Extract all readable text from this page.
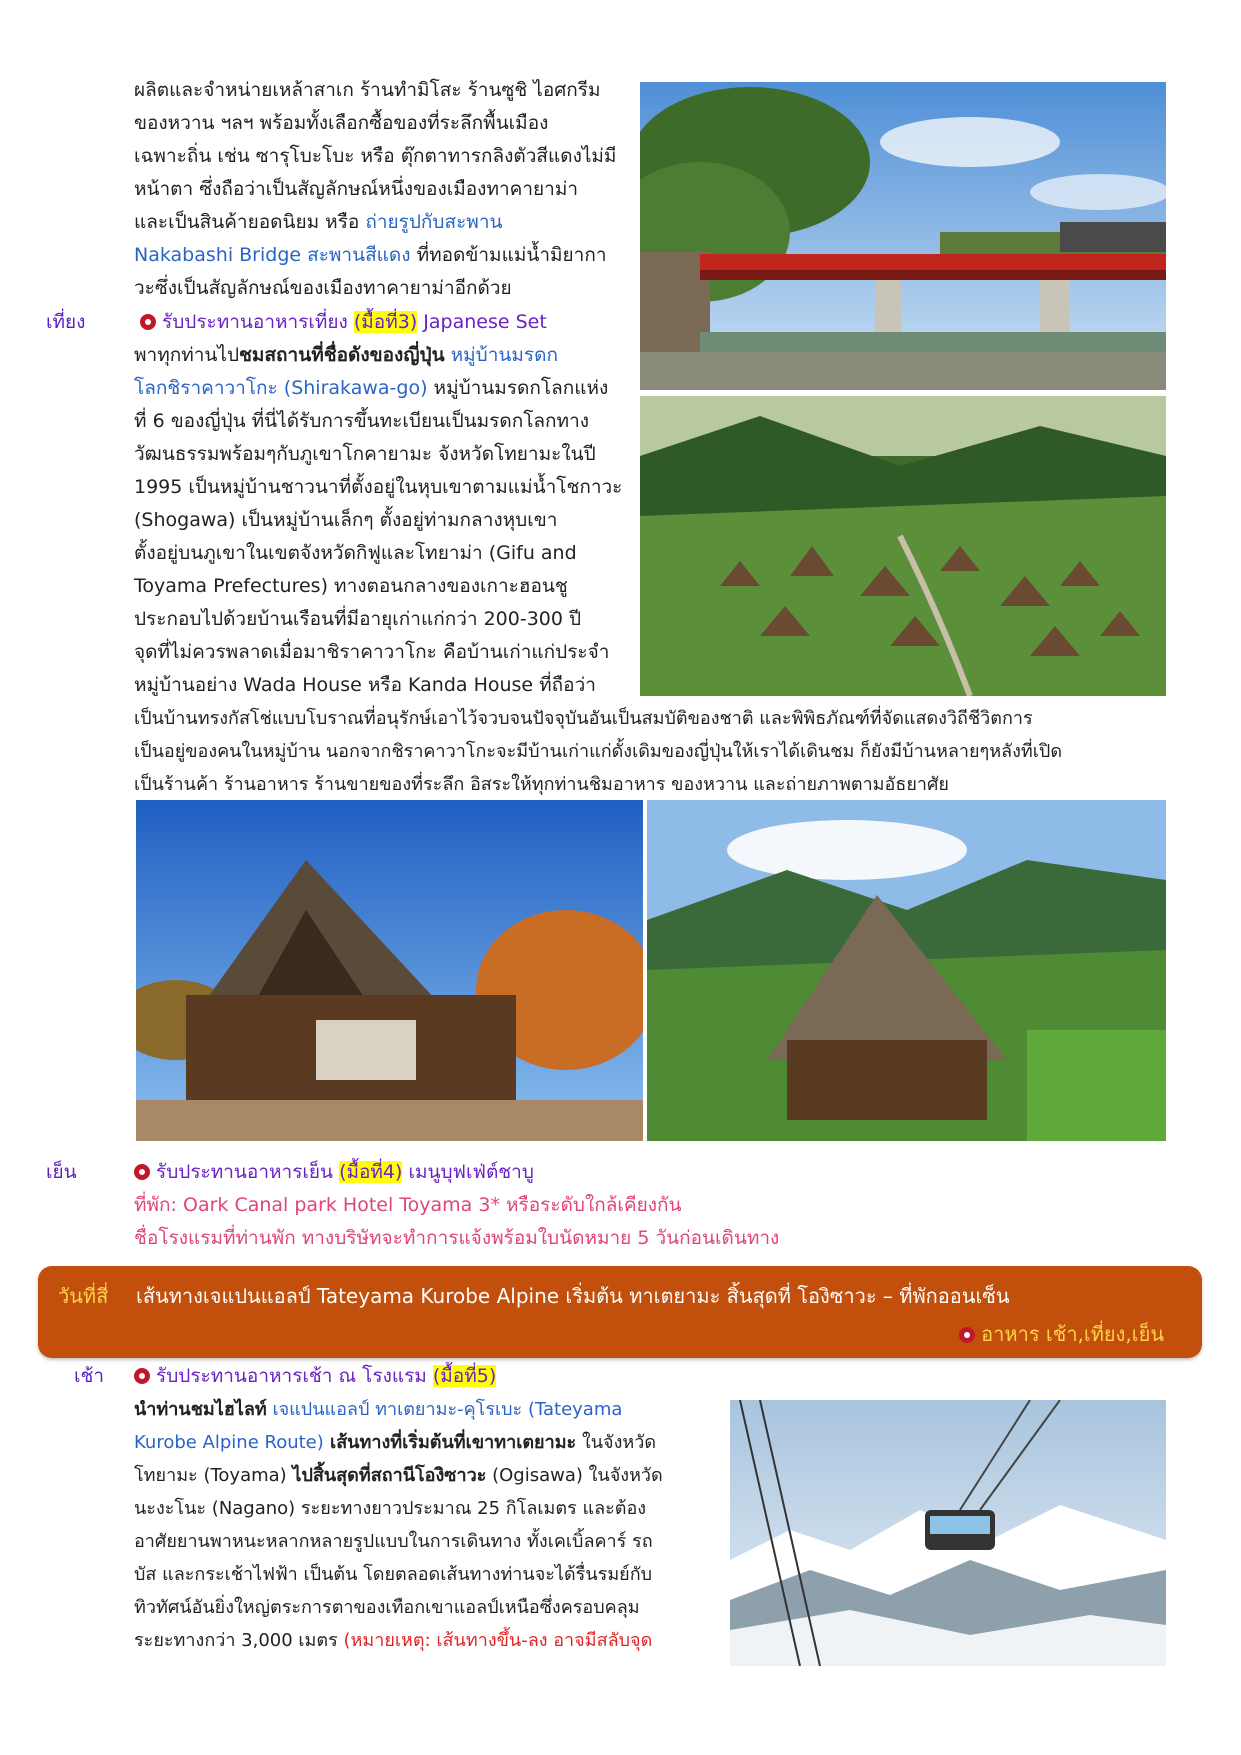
ผลิตและจำหน่ายเหล้าสาเก ร้านทำมิโสะ ร้านซูชิ ไอศกรีม

ของหวาน ฯลฯ พร้อมทั้งเลือกซื้อของที่ระลึกพื้นเมือง

เฉพาะถิ่น เช่น ซารุโบะโบะ หรือ ตุ๊กตาทารกลิงตัวสีแดงไม่มี

หน้าตา ซึ่งถือว่าเป็นสัญลักษณ์หนึ่งของเมืองทาคายาม่า

และเป็นสินค้ายอดนิยม หรือ ถ่ายรูปกับสะพาน

Nakabashi Bridge สะพานสีแดง ที่ทอดข้ามแม่น้ำมิยากา

วะซึ่งเป็นสัญลักษณ์ของเมืองทาคายาม่าอีกด้วย

เที่ยง	รับประทานอาหารเที่ยง (มื้อที่3) Japanese Set

พาทุกท่านไปชมสถานที่ชื่อดังของญี่ปุ่น หมู่บ้านมรดก

โลกชิราคาวาโกะ (Shirakawa-go) หมู่บ้านมรดกโลกแห่ง

ที่ 6 ของญี่ปุ่น ที่นี่ได้รับการขึ้นทะเบียนเป็นมรดกโลกทาง

วัฒนธรรมพร้อมๆกับภูเขาโกคายามะ จังหวัดโทยามะในปี

1995 เป็นหมู่บ้านชาวนาที่ตั้งอยู่ในหุบเขาตามแม่น้ำโชกาวะ

(Shogawa) เป็นหมู่บ้านเล็กๆ ตั้งอยู่ท่ามกลางหุบเขา

ตั้งอยู่บนภูเขาในเขตจังหวัดกิฟูและโทยาม่า (Gifu and

Toyama Prefectures) ทางตอนกลางของเกาะฮอนชู

ประกอบไปด้วยบ้านเรือนที่มีอายุเก่าแก่กว่า 200-300 ปี

จุดที่ไม่ควรพลาดเมื่อมาชิราคาวาโกะ คือบ้านเก่าแก่ประจำ

หมู่บ้านอย่าง Wada House หรือ Kanda House ที่ถือว่า

เป็นบ้านทรงกัสโช่แบบโบราณที่อนุรักษ์เอาไว้จวบจนปัจจุบันอันเป็นสมบัติของชาติ และพิพิธภัณฑ์ที่จัดแสดงวิถีชีวิตการ

เป็นอยู่ของคนในหมู่บ้าน นอกจากชิราคาวาโกะจะมีบ้านเก่าแก่ดั้งเดิมของญี่ปุ่นให้เราได้เดินชม ก็ยังมีบ้านหลายๆหลังที่เปิด

เป็นร้านค้า ร้านอาหาร ร้านขายของที่ระลึก อิสระให้ทุกท่านชิมอาหาร ของหวาน และถ่ายภาพตามอัธยาศัย

เย็น	รับประทานอาหารเย็น (มื้อที่4) เมนูบุฟเฟ่ต์ชาบู

ที่พัก: Oark Canal park Hotel Toyama 3* หรือระดับใกล้เคียงกัน

ชื่อโรงแรมที่ท่านพัก ทางบริษัทจะทำการแจ้งพร้อมใบนัดหมาย 5 วันก่อนเดินทาง

วันที่สี่ เส้นทางเจแปนแอลป์ Tateyama Kurobe Alpine เริ่มต้น ทาเตยามะ สิ้นสุดที่ โองิซาวะ – ที่พักออนเซ็น
อาหาร เช้า,เที่ยง,เย็น
เช้า	รับประทานอาหารเช้า ณ โรงแรม (มื้อที่5)

นำท่านชมไฮไลท์ เจแปนแอลป์ ทาเตยามะ-คุโรเบะ (Tateyama

Kurobe Alpine Route) เส้นทางที่เริ่มต้นที่เขาทาเตยามะ ในจังหวัด

โทยามะ (Toyama) ไปสิ้นสุดที่สถานีโองิซาวะ (Ogisawa) ในจังหวัด

นะงะโนะ (Nagano) ระยะทางยาวประมาณ 25 กิโลเมตร และต้อง

อาศัยยานพาหนะหลากหลายรูปแบบในการเดินทาง ทั้งเคเบิ้ลคาร์ รถ

บัส และกระเช้าไฟฟ้า เป็นต้น โดยตลอดเส้นทางท่านจะได้รื่นรมย์กับ

ทิวทัศน์อันยิ่งใหญ่ตระการตาของเทือกเขาแอลป์เหนือซึ่งครอบคลุม

ระยะทางกว่า 3,000 เมตร (หมายเหตุ: เส้นทางขึ้น-ลง อาจมีสลับจุด
